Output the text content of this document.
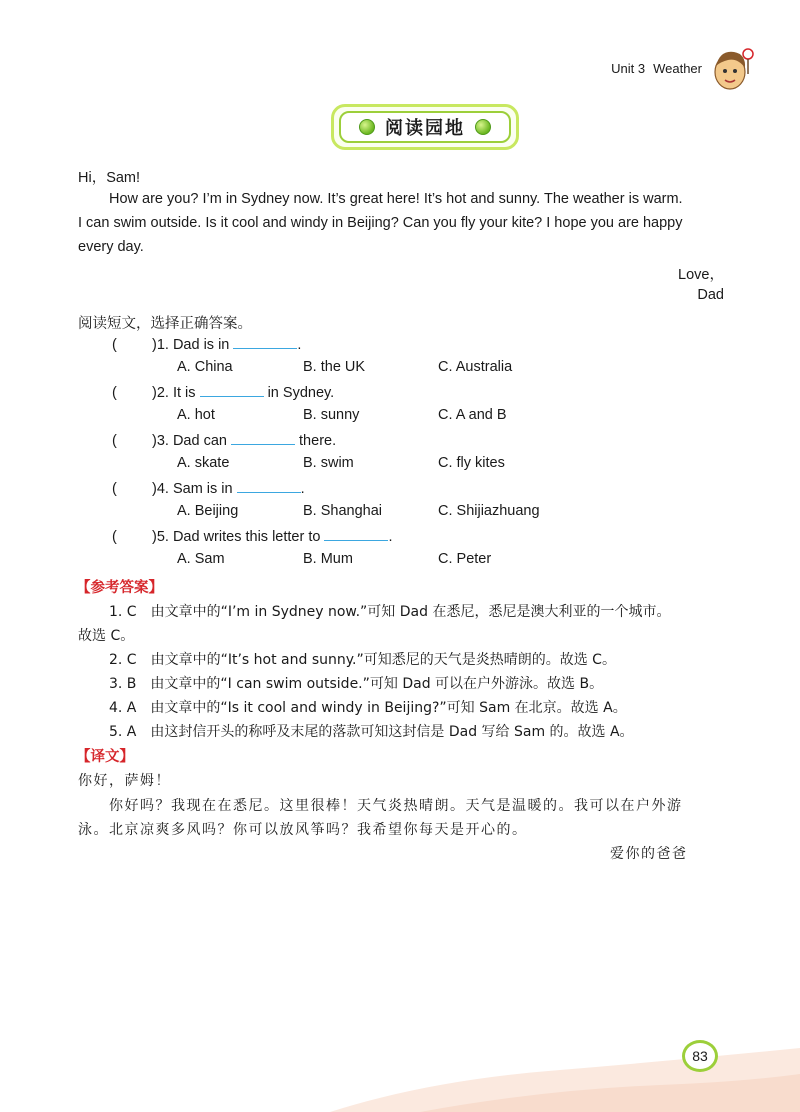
Unit 3 Weather
阅读园地
Hi，Sam!
How are you? I’m in Sydney now. It’s great here! It’s hot and sunny. The weather is warm.
I can swim outside. Is it cool and windy in Beijing? Can you fly your kite? I hope you are happy
every day.
Love，
Dad
阅读短文，选择正确答案。
( )1. Dad is in	.
A. China	B. the UK	C. Australia
( )2. It is	in Sydney.
A. hot	B. sunny	C. A and B
( )3. Dad can	there.
A. skate	B. swim	C. fly kites
( )4. Sam is in	.
A. Beijing	B. Shanghai	C. Shijiazhuang
( )5. Dad writes this letter to	.
A. Sam	B. Mum	C. Peter
【参考答案】
1. C　由文章中的“I’m in Sydney now.”可知 Dad 在悉尼，悉尼是澳大利亚的一个城市。
故选 C。
2. C　由文章中的“It’s hot and sunny.”可知悉尼的天气是炎热晴朗的。故选 C。
3. B　由文章中的“I can swim outside.”可知 Dad 可以在户外游泳。故选 B。
4. A　由文章中的“Is it cool and windy in Beijing?”可知 Sam 在北京。故选 A。
5. A　由这封信开头的称呼及末尾的落款可知这封信是 Dad 写给 Sam 的。故选 A。
【译文】
你好，萨姆！
你好吗？我现在在悉尼。这里很棒！天气炎热晴朗。天气是温暖的。我可以在户外游
泳。北京凉爽多风吗？你可以放风筝吗？我希望你每天是开心的。
爱你的爸爸
83
